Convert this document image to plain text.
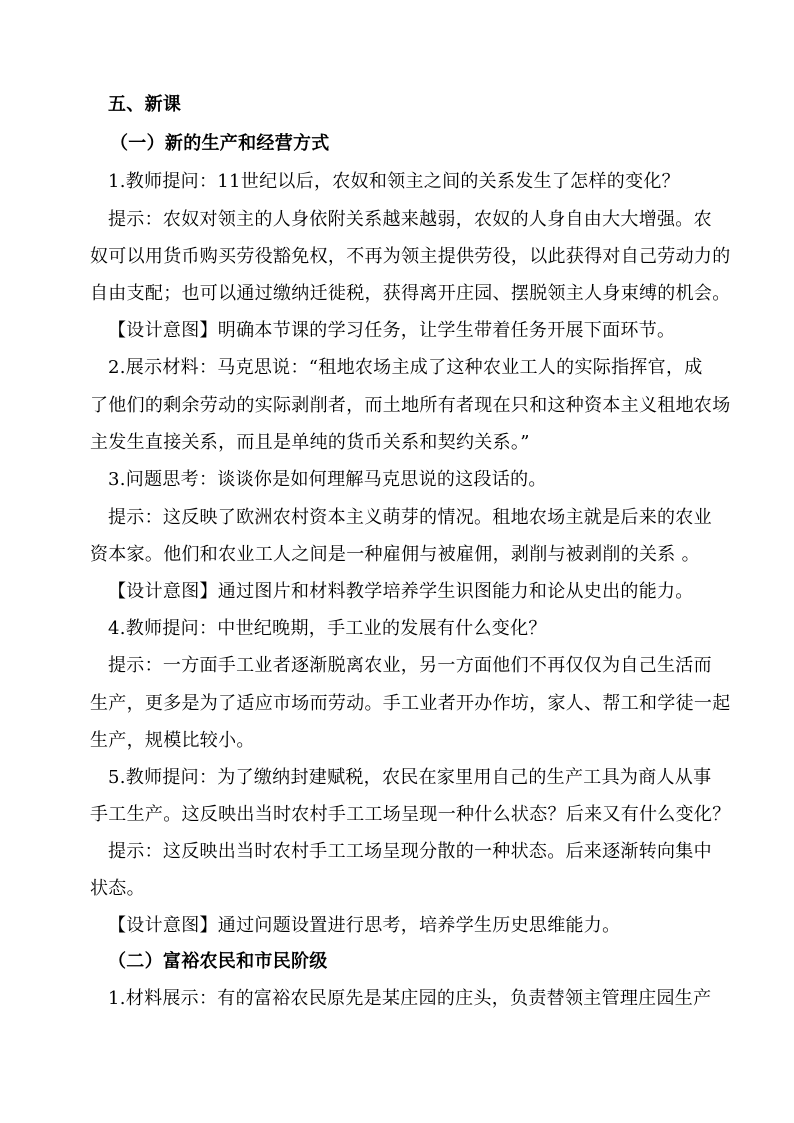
五、新课
（一）新的生产和经营方式
1.教师提问：11世纪以后，农奴和领主之间的关系发生了怎样的变化？
提示：农奴对领主的人身依附关系越来越弱，农奴的人身自由大大增强。农
奴可以用货币购买劳役豁免权，不再为领主提供劳役，以此获得对自己劳动力的
自由支配；也可以通过缴纳迁徙税，获得离开庄园、摆脱领主人身束缚的机会。
【设计意图】明确本节课的学习任务，让学生带着任务开展下面环节。
2.展示材料：马克思说：“租地农场主成了这种农业工人的实际指挥官，成
了他们的剩余劳动的实际剥削者，而土地所有者现在只和这种资本主义租地农场
主发生直接关系，而且是单纯的货币关系和契约关系。”
3.问题思考：谈谈你是如何理解马克思说的这段话的。
提示：这反映了欧洲农村资本主义萌芽的情况。租地农场主就是后来的农业
资本家。他们和农业工人之间是一种雇佣与被雇佣，剥削与被剥削的关系 。
【设计意图】通过图片和材料教学培养学生识图能力和论从史出的能力。
4.教师提问：中世纪晚期，手工业的发展有什么变化？
提示：一方面手工业者逐渐脱离农业，另一方面他们不再仅仅为自己生活而
生产，更多是为了适应市场而劳动。手工业者开办作坊，家人、帮工和学徒一起
生产，规模比较小。
5.教师提问：为了缴纳封建赋税，农民在家里用自己的生产工具为商人从事
手工生产。这反映出当时农村手工工场呈现一种什么状态？后来又有什么变化？
提示：这反映出当时农村手工工场呈现分散的一种状态。后来逐渐转向集中
状态。
【设计意图】通过问题设置进行思考，培养学生历史思维能力。
（二）富裕农民和市民阶级
1.材料展示：有的富裕农民原先是某庄园的庄头，负责替领主管理庄园生产
